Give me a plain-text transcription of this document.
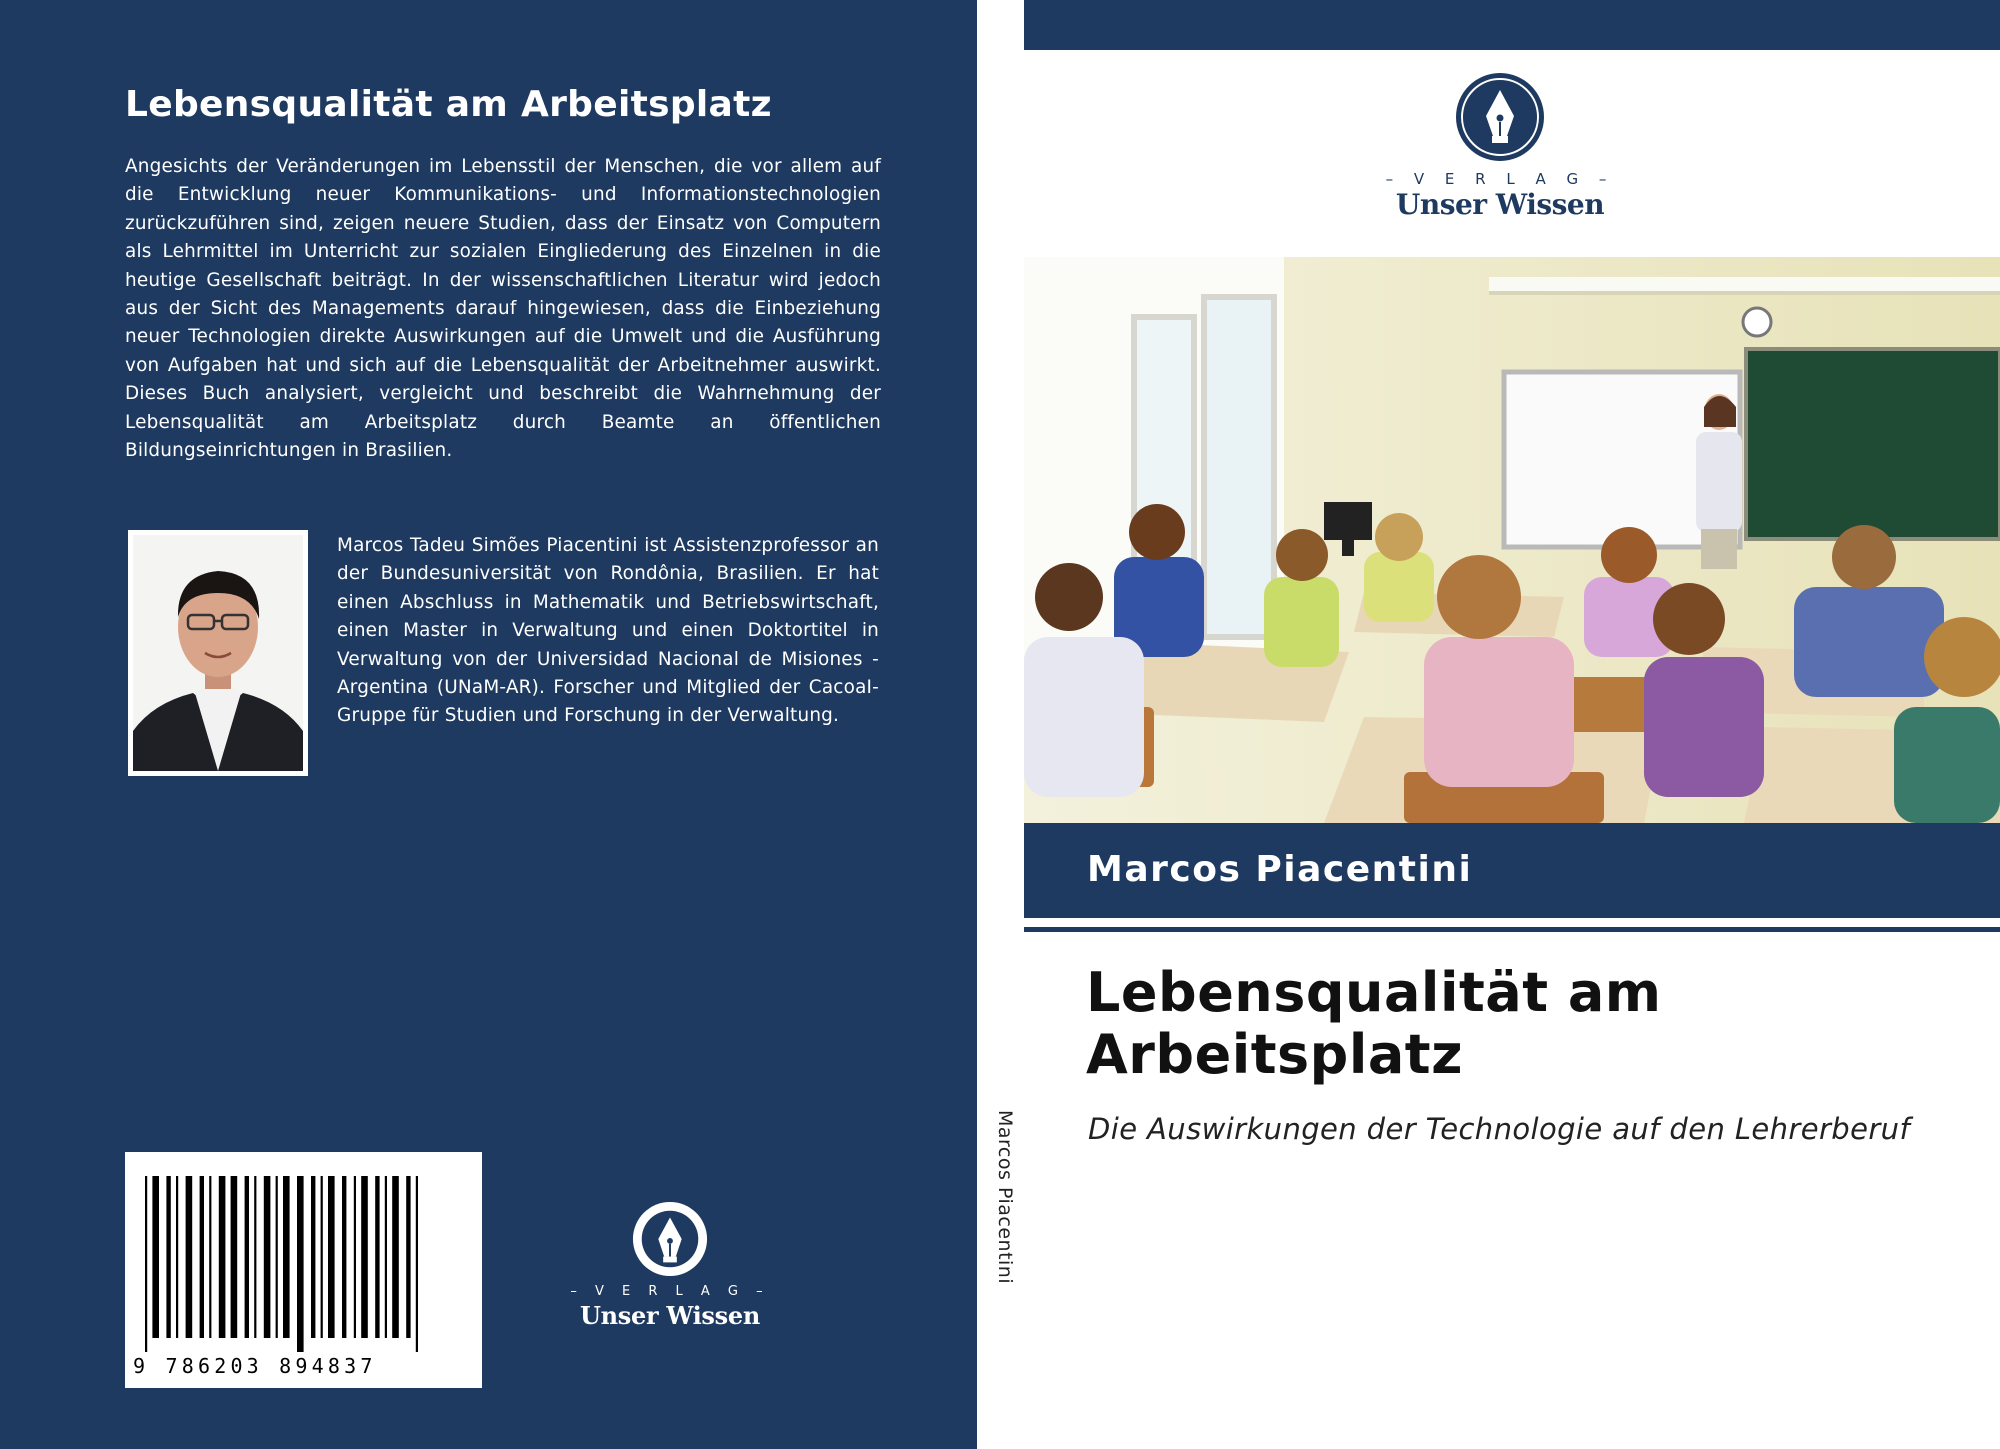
Lebensqualität am Arbeitsplatz

Angesichts der Veränderungen im Lebensstil der Menschen, die vor allem auf die Entwicklung neuer Kommunikations- und Informationstechnologien zurückzuführen sind, zeigen neuere Studien, dass der Einsatz von Computern als Lehrmittel im Unterricht zur sozialen Eingliederung des Einzelnen in die heutige Gesellschaft beiträgt. In der wissenschaftlichen Literatur wird jedoch aus der Sicht des Managements darauf hingewiesen, dass die Einbeziehung neuer Technologien direkte Auswirkungen auf die Umwelt und die Ausführung von Aufgaben hat und sich auf die Lebensqualität der Arbeitnehmer auswirkt. Dieses Buch analysiert, vergleicht und beschreibt die Wahrnehmung der Lebensqualität am Arbeitsplatz durch Beamte an öffentlichen Bildungseinrichtungen in Brasilien.

Marcos Tadeu Simões Piacentini ist Assistenzprofessor an der Bundesuniversität von Rondônia, Brasilien. Er hat einen Abschluss in Mathematik und Betriebswirtschaft, einen Master in Verwaltung und einen Doktortitel in Verwaltung von der Universidad Nacional de Misiones - Argentina (UNaM-AR). Forscher und Mitglied der CacoaI-Gruppe für Studien und Forschung in der Verwaltung.

9 786203 894837
– V E R L A G –
Unser Wissen
Marcos Piacentini
– V E R L A G –
Unser Wissen
Marcos Piacentini
Lebensqualität am Arbeitsplatz

Die Auswirkungen der Technologie auf den Lehrerberuf
